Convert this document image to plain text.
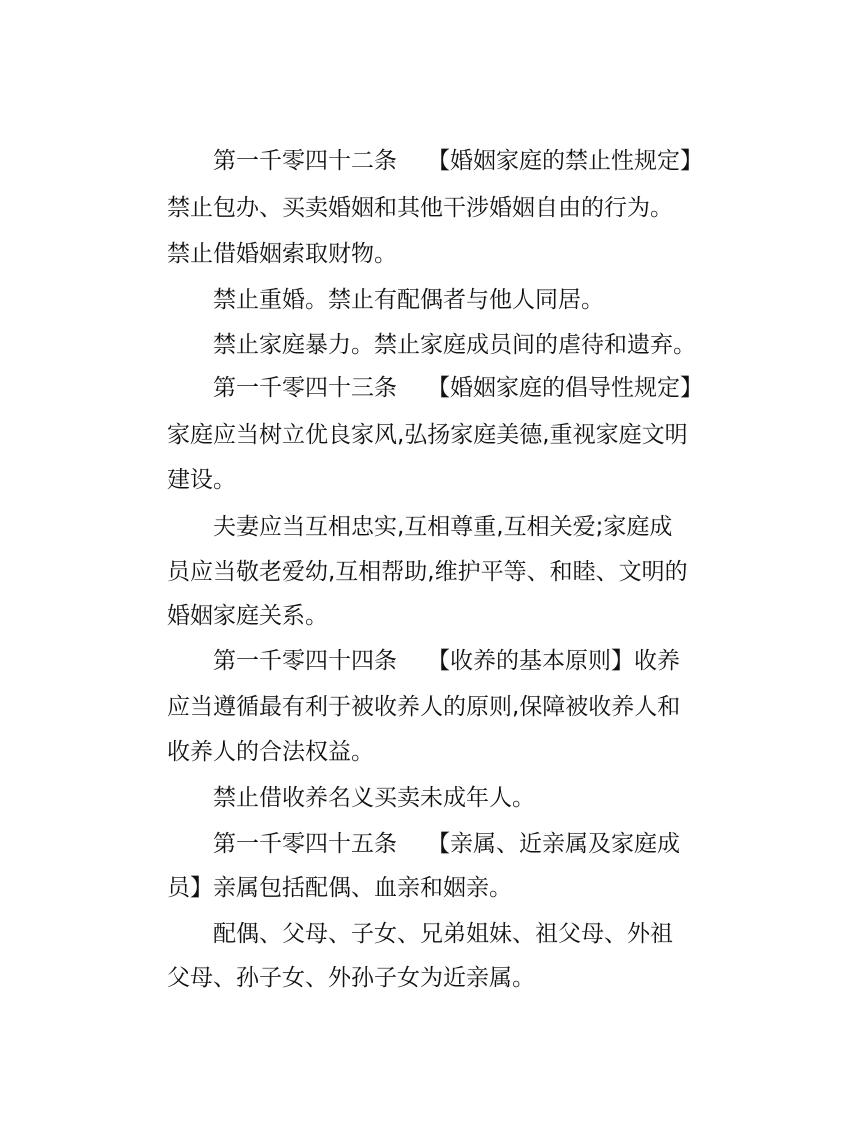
第一千零四十二条 【婚姻家庭的禁止性规定】
禁止包办、买卖婚姻和其他干涉婚姻自由的行为。
禁止借婚姻索取财物。
禁止重婚。禁止有配偶者与他人同居。
禁止家庭暴力。禁止家庭成员间的虐待和遗弃。
第一千零四十三条 【婚姻家庭的倡导性规定】
家庭应当树立优良家风,弘扬家庭美德,重视家庭文明
建设。
夫妻应当互相忠实,互相尊重,互相关爱;家庭成
员应当敬老爱幼,互相帮助,维护平等、和睦、文明的
婚姻家庭关系。
第一千零四十四条 【收养的基本原则】收养
应当遵循最有利于被收养人的原则,保障被收养人和
收养人的合法权益。
禁止借收养名义买卖未成年人。
第一千零四十五条 【亲属、近亲属及家庭成
员】亲属包括配偶、血亲和姻亲。
配偶、父母、子女、兄弟姐妹、祖父母、外祖
父母、孙子女、外孙子女为近亲属。
